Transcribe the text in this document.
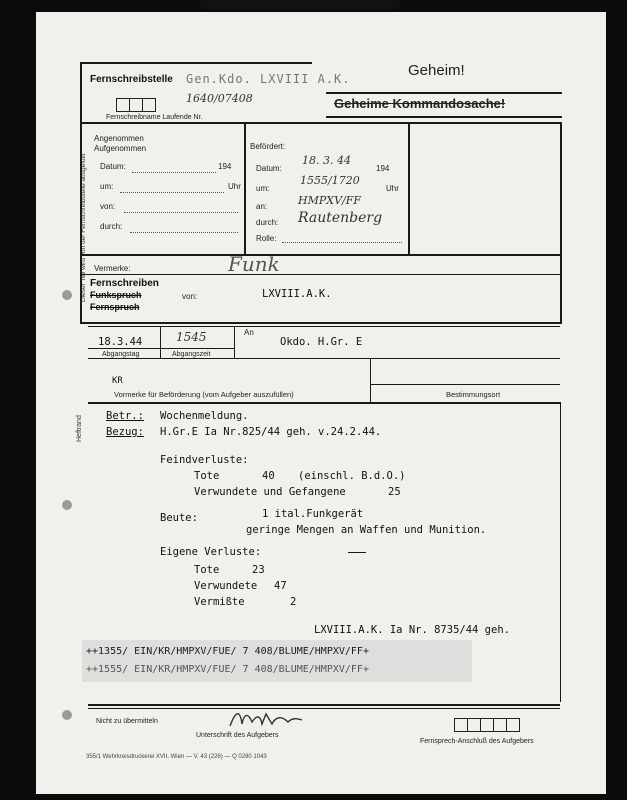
Dieser Teil wird von der Fernschreibstelle ausgefüllt
Heftrand
Fernschreibstelle Gen.Kdo. LXVIII A.K.
1640/07408
Fernschreibname Laufende Nr.
Geheim!
Geheime Kommandosache!
Angenommen
Aufgenommen
Datum:	194
um:	Uhr
von:
durch:
Befördert:
Datum:
18. 3. 44
194
um:
1555/1720
Uhr
an:	HMPXV/FF
durch: Rautenberg
Rolle:
Vermerke:	Funk
Fernschreiben
Funkspruch
Fernspruch
von:	LXVIII.A.K.
18.3.44	1545
Abgangstag	Abgangszeit
An
Okdo. H.Gr. E
KR
Vormerke für Beförderung (vom Aufgeber auszufüllen)	Bestimmungsort
Betr.: Wochenmeldung.
Bezug: H.Gr.E Ia Nr.825/44 geh. v.24.2.44.
Feindverluste:
Tote	40 (einschl. B.d.O.)
Verwundete und Gefangene	25
Beute:	1 ital.Funkgerät
geringe Mengen an Waffen und Munition.
Eigene Verluste:
Tote	23
Verwundete 47
Vermißte	2
LXVIII.A.K. Ia Nr. 8735/44 geh.
++1355/ EIN/KR/HMPXV/FUE/ 7 408/BLUME/HMPXV/FF+
++1555/ EIN/KR/HMPXV/FUE/ 7 408/BLUME/HMPXV/FF+
Nicht zu übermitteln
Unterschrift des Aufgebers
Fernsprech-Anschluß des Aufgebers
355/1 Wehrkreisdruckerei XVII, Wien — V. 43 (226) — Q 0280 1043
